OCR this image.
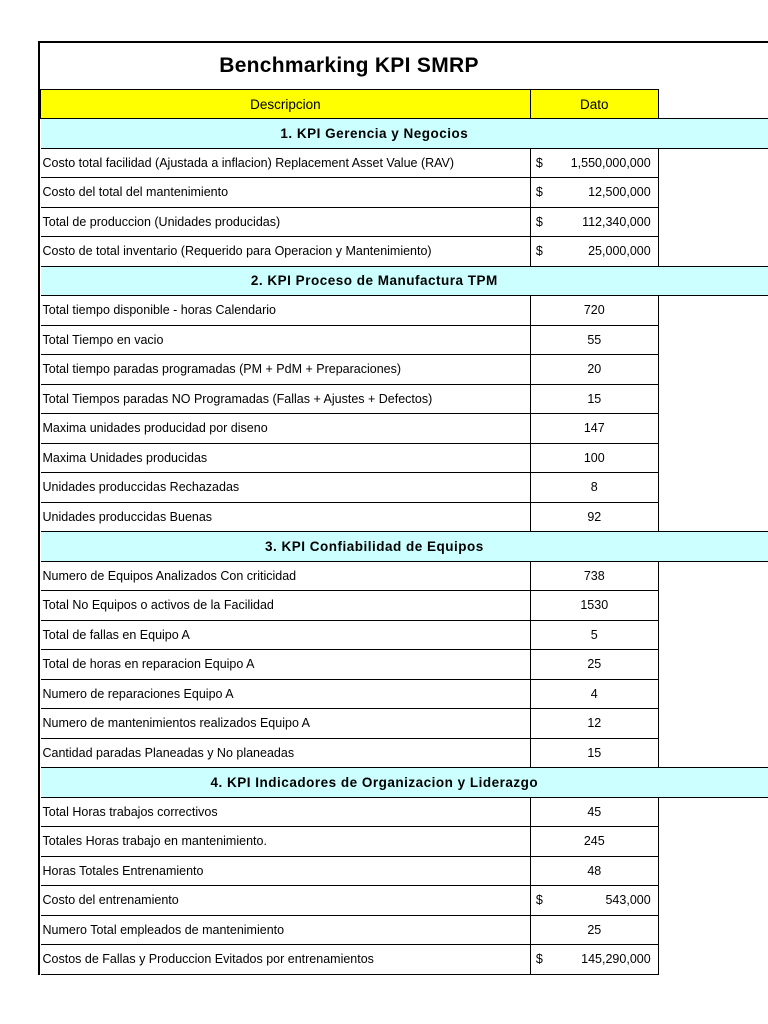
Benchmarking KPI SMRP
Descripcion	Dato	
1. KPI Gerencia y Negocios		
Costo total facilidad (Ajustada a inflacion) Replacement Asset Value (RAV)	$ 1,550,000,000	

Costo del total del mantenimiento	$ 12,500,000	

Total de produccion (Unidades producidas)	$ 112,340,000	

Costo de total inventario (Requerido para Operacion y Mantenimiento)	$ 25,000,000	

2. KPI Proceso de Manufactura TPM		
Total tiempo disponible - horas Calendario	720	

Total Tiempo en vacio	55	

Total tiempo paradas programadas (PM + PdM + Preparaciones)	20	

Total Tiempos paradas NO Programadas (Fallas + Ajustes + Defectos)	15	

Maxima unidades producidad por diseno	147	

Maxima Unidades producidas	100	

Unidades produccidas Rechazadas	8	

Unidades produccidas Buenas	92	

3. KPI Confiabilidad de Equipos		
Numero de Equipos Analizados Con criticidad	738	

Total No Equipos o activos de la Facilidad	1530	

Total de fallas en Equipo A	5	

Total de horas en reparacion Equipo A	25	

Numero de reparaciones Equipo A	4	

Numero de mantenimientos realizados Equipo A	12	

Cantidad paradas Planeadas y No planeadas	15	

4. KPI Indicadores de Organizacion y Liderazgo		
Total Horas trabajos correctivos	45	

Totales Horas trabajo en mantenimiento.	245	

Horas Totales Entrenamiento	48	

Costo del entrenamiento	$ 543,000	

Numero Total empleados de mantenimiento	25	

Costos de Fallas y Produccion Evitados por entrenamientos	$ 145,290,000	
